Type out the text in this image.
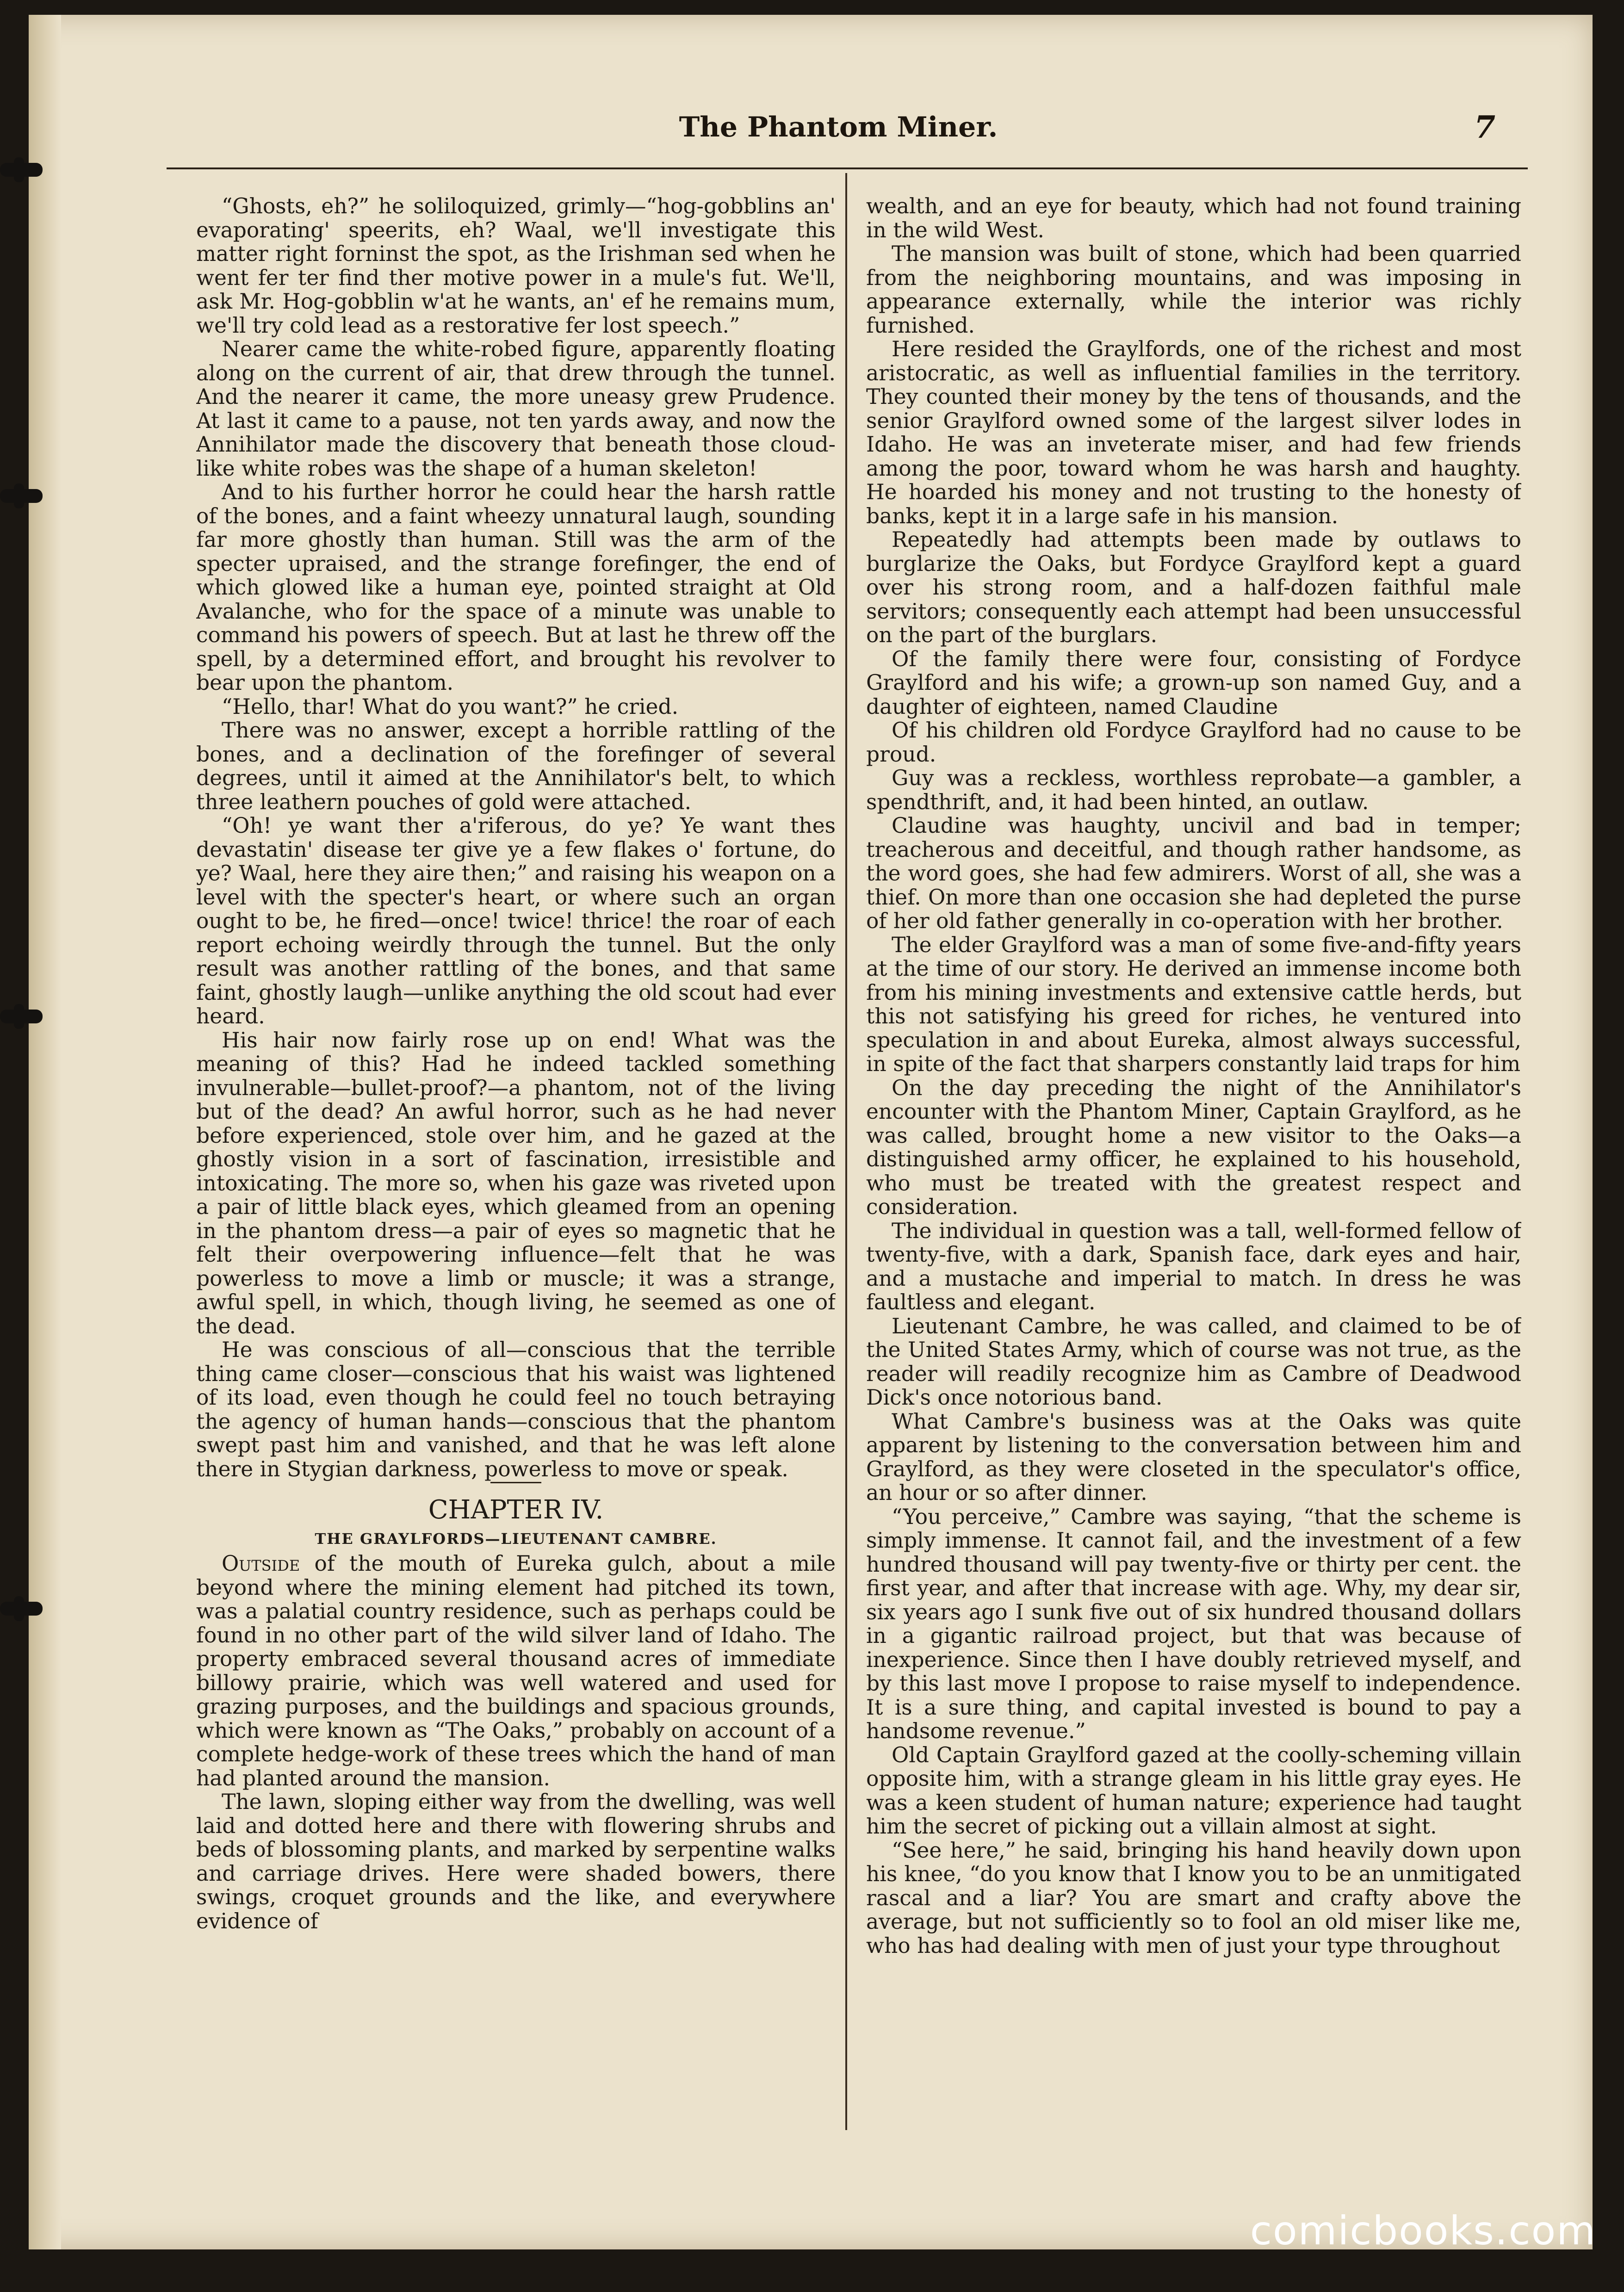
The Phantom Miner.	7

“Ghosts, eh?” he soliloquized, grimly—“hog-gobblins an' evaporating' speerits, eh? Waal, we'll investigate this matter right forninst the spot, as the Irishman sed when he went fer ter find ther motive power in a mule's fut. We'll, ask Mr. Hog-gobblin w'at he wants, an' ef he remains mum, we'll try cold lead as a restorative fer lost speech.”

Nearer came the white-robed figure, apparently floating along on the current of air, that drew through the tunnel. And the nearer it came, the more uneasy grew Prudence. At last it came to a pause, not ten yards away, and now the Annihilator made the discovery that beneath those cloud-like white robes was the shape of a human skeleton!

And to his further horror he could hear the harsh rattle of the bones, and a faint wheezy unnatural laugh, sounding far more ghostly than human. Still was the arm of the specter upraised, and the strange forefinger, the end of which glowed like a human eye, pointed straight at Old Avalanche, who for the space of a minute was unable to command his powers of speech. But at last he threw off the spell, by a determined effort, and brought his revolver to bear upon the phantom.

“Hello, thar! What do you want?” he cried.

There was no answer, except a horrible rattling of the bones, and a declination of the forefinger of several degrees, until it aimed at the Annihilator's belt, to which three leathern pouches of gold were attached.

“Oh! ye want ther a'riferous, do ye? Ye want thes devastatin' disease ter give ye a few flakes o' fortune, do ye? Waal, here they aire then;” and raising his weapon on a level with the specter's heart, or where such an organ ought to be, he fired—once! twice! thrice! the roar of each report echoing weirdly through the tunnel. But the only result was another rattling of the bones, and that same faint, ghostly laugh—unlike anything the old scout had ever heard.

His hair now fairly rose up on end! What was the meaning of this? Had he indeed tackled something invulnerable—bullet-proof?—a phantom, not of the living but of the dead? An awful horror, such as he had never before experienced, stole over him, and he gazed at the ghostly vision in a sort of fascination, irresistible and intoxicating. The more so, when his gaze was riveted upon a pair of little black eyes, which gleamed from an opening in the phantom dress—a pair of eyes so magnetic that he felt their overpowering influence—felt that he was powerless to move a limb or muscle; it was a strange, awful spell, in which, though living, he seemed as one of the dead.

He was conscious of all—conscious that the terrible thing came closer—conscious that his waist was lightened of its load, even though he could feel no touch betraying the agency of human hands—conscious that the phantom swept past him and vanished, and that he was left alone there in Stygian darkness, powerless to move or speak.

CHAPTER IV.

THE GRAYLFORDS—LIEUTENANT CAMBRE.

Outside of the mouth of Eureka gulch, about a mile beyond where the mining element had pitched its town, was a palatial country residence, such as perhaps could be found in no other part of the wild silver land of Idaho. The property embraced several thousand acres of immediate billowy prairie, which was well watered and used for grazing purposes, and the buildings and spacious grounds, which were known as “The Oaks,” probably on account of a complete hedge-work of these trees which the hand of man had planted around the mansion.

The lawn, sloping either way from the dwelling, was well laid and dotted here and there with flowering shrubs and beds of blossoming plants, and marked by serpentine walks and carriage drives. Here were shaded bowers, there swings, croquet grounds and the like, and everywhere evidence of

wealth, and an eye for beauty, which had not found training in the wild West.

The mansion was built of stone, which had been quarried from the neighboring mountains, and was imposing in appearance externally, while the interior was richly furnished.

Here resided the Graylfords, one of the richest and most aristocratic, as well as influential families in the territory. They counted their money by the tens of thousands, and the senior Graylford owned some of the largest silver lodes in Idaho. He was an inveterate miser, and had few friends among the poor, toward whom he was harsh and haughty. He hoarded his money and not trusting to the honesty of banks, kept it in a large safe in his mansion.

Repeatedly had attempts been made by outlaws to burglarize the Oaks, but Fordyce Graylford kept a guard over his strong room, and a half-dozen faithful male servitors; consequently each attempt had been unsuccessful on the part of the burglars.

Of the family there were four, consisting of Fordyce Graylford and his wife; a grown-up son named Guy, and a daughter of eighteen, named Claudine

Of his children old Fordyce Graylford had no cause to be proud.

Guy was a reckless, worthless reprobate—a gambler, a spendthrift, and, it had been hinted, an outlaw.

Claudine was haughty, uncivil and bad in temper; treacherous and deceitful, and though rather handsome, as the word goes, she had few admirers. Worst of all, she was a thief. On more than one occasion she had depleted the purse of her old father generally in co-operation with her brother.

The elder Graylford was a man of some five-and-fifty years at the time of our story. He derived an immense income both from his mining investments and extensive cattle herds, but this not satisfying his greed for riches, he ventured into speculation in and about Eureka, almost always successful, in spite of the fact that sharpers constantly laid traps for him

On the day preceding the night of the Annihilator's encounter with the Phantom Miner, Captain Graylford, as he was called, brought home a new visitor to the Oaks—a distinguished army officer, he explained to his household, who must be treated with the greatest respect and consideration.

The individual in question was a tall, well-formed fellow of twenty-five, with a dark, Spanish face, dark eyes and hair, and a mustache and imperial to match. In dress he was faultless and elegant.

Lieutenant Cambre, he was called, and claimed to be of the United States Army, which of course was not true, as the reader will readily recognize him as Cambre of Deadwood Dick's once notorious band.

What Cambre's business was at the Oaks was quite apparent by listening to the conversation between him and Graylford, as they were closeted in the speculator's office, an hour or so after dinner.

“You perceive,” Cambre was saying, “that the scheme is simply immense. It cannot fail, and the investment of a few hundred thousand will pay twenty-five or thirty per cent. the first year, and after that increase with age. Why, my dear sir, six years ago I sunk five out of six hundred thousand dollars in a gigantic railroad project, but that was because of inexperience. Since then I have doubly retrieved myself, and by this last move I propose to raise myself to independence. It is a sure thing, and capital invested is bound to pay a handsome revenue.”

Old Captain Graylford gazed at the coolly-scheming villain opposite him, with a strange gleam in his little gray eyes. He was a keen student of human nature; experience had taught him the secret of picking out a villain almost at sight.

“See here,” he said, bringing his hand heavily down upon his knee, “do you know that I know you to be an unmitigated rascal and a liar? You are smart and crafty above the average, but not sufficiently so to fool an old miser like me, who has had dealing with men of just your type throughout

comicbooks.com
